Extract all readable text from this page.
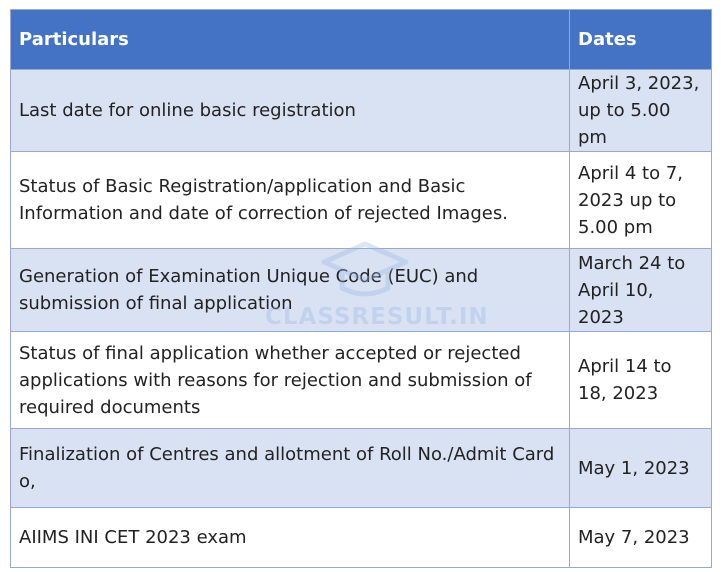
Particulars	Dates
Last date for online basic registration	April 3, 2023, up to 5.00 pm
Status of Basic Registration/application and Basic Information and date of correction of rejected Images.	April 4 to 7, 2023 up to 5.00 pm
Generation of Examination Unique Code (EUC) and submission of final application	March 24 to April 10, 2023
Status of final application whether accepted or rejected applications with reasons for rejection and submission of required documents	April 14 to 18, 2023
Finalization of Centres and allotment of Roll No./Admit Card o,	May 1, 2023
AIIMS INI CET 2023 exam	May 7, 2023
CLASSRESULT.IN
